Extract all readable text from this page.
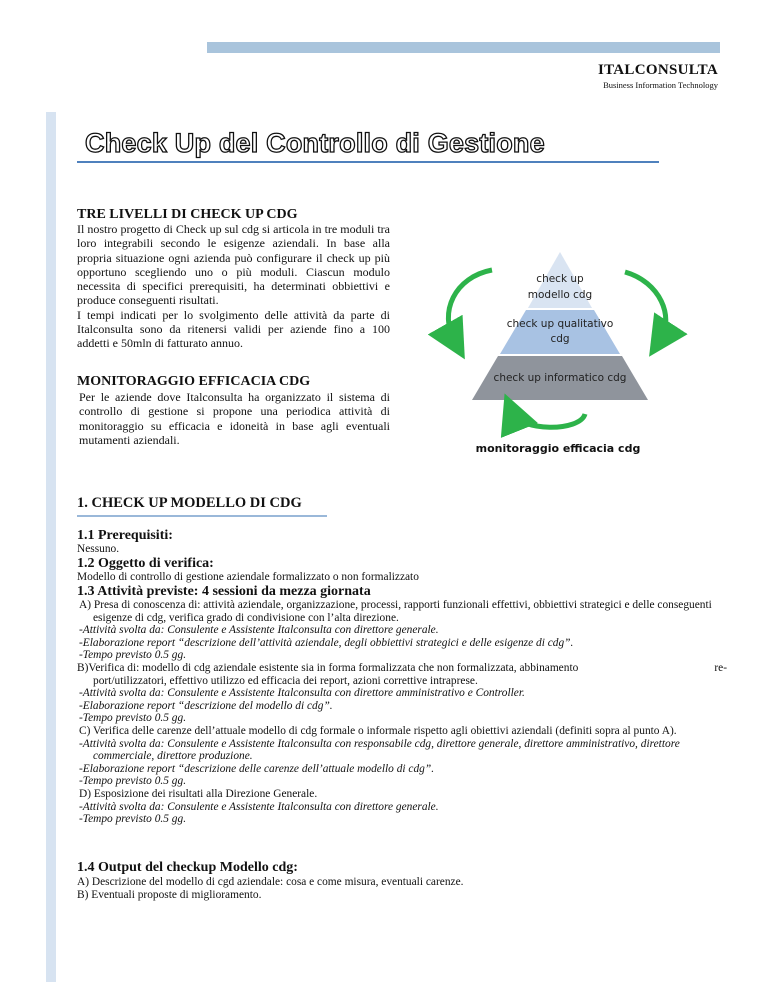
ITALCONSULTA
Business Information Technology
Check Up del Controllo di Gestione
TRE LIVELLI DI CHECK UP CDG
Il nostro progetto di Check up sul cdg si articola in tre moduli tra loro integrabili secondo le esigenze aziendali. In base alla propria situazione ogni azienda può configurare il check up più opportuno scegliendo uno o più moduli. Ciascun modulo necessita di specifici prerequisiti, ha determinati obbiettivi e produce conseguenti risultati.
I tempi indicati per lo svolgimento delle attività da parte di Italconsulta sono da ritenersi validi per aziende fino a 100 addetti e 50mln di fatturato annuo.
MONITORAGGIO EFFICACIA CDG
Per le aziende dove Italconsulta ha organizzato il sistema di controllo di gestione si propone una periodica attività di monitoraggio su efficacia e idoneità in base agli eventuali mutamenti aziendali.
check up
modello cdg
check up qualitativo
cdg
check up informatico cdg
monitoraggio efficacia cdg
1. CHECK UP MODELLO DI CDG
1.1 Prerequisiti:
Nessuno.
1.2 Oggetto di verifica:
Modello di controllo di gestione aziendale formalizzato o non formalizzato
1.3 Attività previste: 4 sessioni da mezza giornata

A) Presa di conoscenza di: attività aziendale, organizzazione, processi, rapporti funzionali effettivi, obbiettivi strategici e delle conseguenti esigenze di cdg, verifica grado di condivisione con l’alta direzione.

-Attività svolta da: Consulente e Assistente Italconsulta con direttore generale.

-Elaborazione report “descrizione dell’attività aziendale, degli obbiettivi strategici e delle esigenze di cdg”.

-Tempo previsto 0.5 gg.

B)Verifica di: modello di cdg aziendale esistente sia in forma formalizzata che non formalizzata, abbinamento	re-

port/utilizzatori, effettivo utilizzo ed efficacia dei report, azioni correttive intraprese.

-Attività svolta da: Consulente e Assistente Italconsulta con direttore amministrativo e Controller.

-Elaborazione report “descrizione del modello di cdg”.

-Tempo previsto 0.5 gg.

C) Verifica delle carenze dell’attuale modello di cdg formale o informale rispetto agli obiettivi aziendali (definiti sopra al punto A).

-Attività svolta da: Consulente e Assistente Italconsulta con responsabile cdg, direttore generale, direttore amministrativo, direttore commerciale, direttore produzione.

-Elaborazione report “descrizione delle carenze dell’attuale modello di cdg”.

-Tempo previsto 0.5 gg.

D) Esposizione dei risultati alla Direzione Generale.

-Attività svolta da: Consulente e Assistente Italconsulta con direttore generale.

-Tempo previsto 0.5 gg.

1.4 Output del checkup Modello cdg:

A) Descrizione del modello di cgd aziendale: cosa e come misura, eventuali carenze.

B) Eventuali proposte di miglioramento.
